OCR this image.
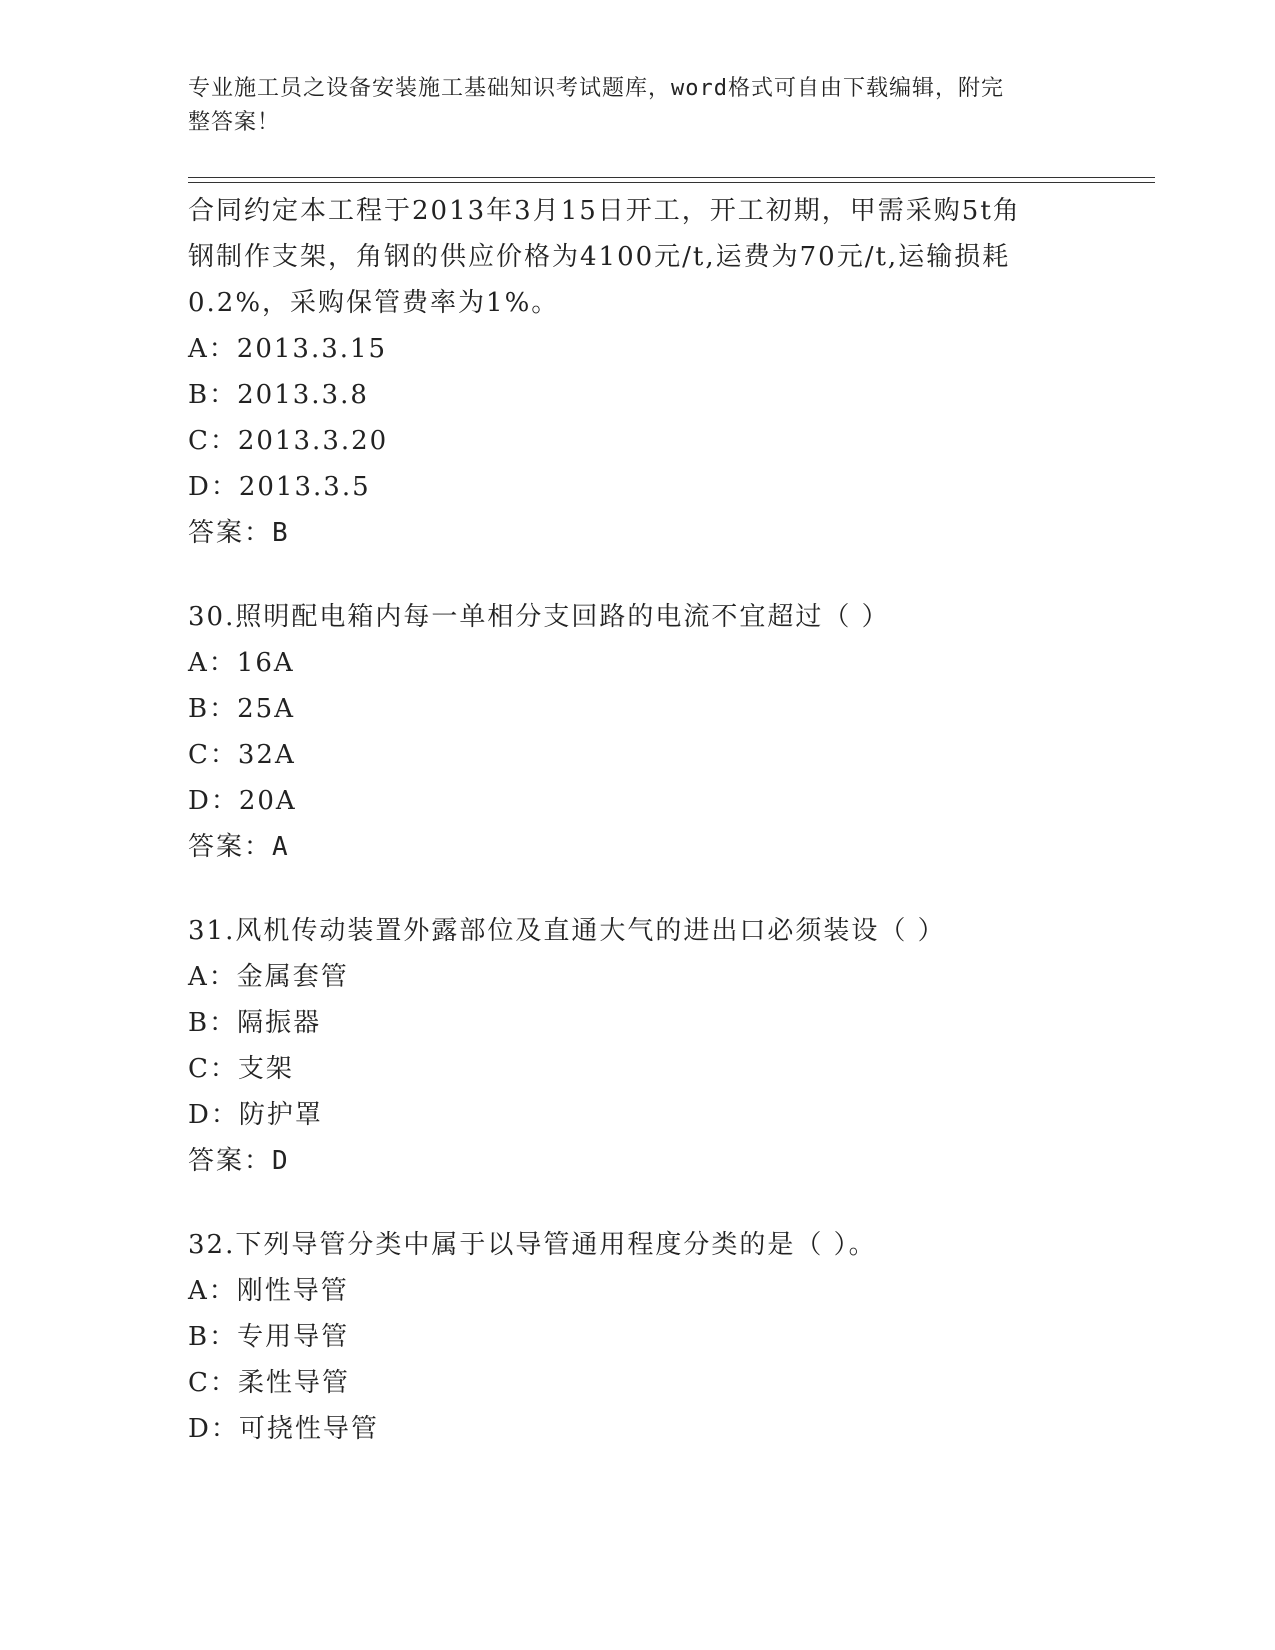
专业施工员之设备安装施工基础知识考试题库，word格式可自由下载编辑，附完
整答案！
合同约定本工程于2013年3月15日开工，开工初期，甲需采购5t角
钢制作支架，角钢的供应价格为4100元/t,运费为70元/t,运输损耗
0.2%，采购保管费率为1%。
A：2013.3.15
B：2013.3.8
C：2013.3.20
D：2013.3.5
答案：B
30.照明配电箱内每一单相分支回路的电流不宜超过（ ）
A：16A
B：25A
C：32A
D：20A
答案：A
31.风机传动装置外露部位及直通大气的进出口必须装设（ ）
A：金属套管
B：隔振器
C：支架
D：防护罩
答案：D
32.下列导管分类中属于以导管通用程度分类的是（ ）。
A：刚性导管
B：专用导管
C：柔性导管
D：可挠性导管
